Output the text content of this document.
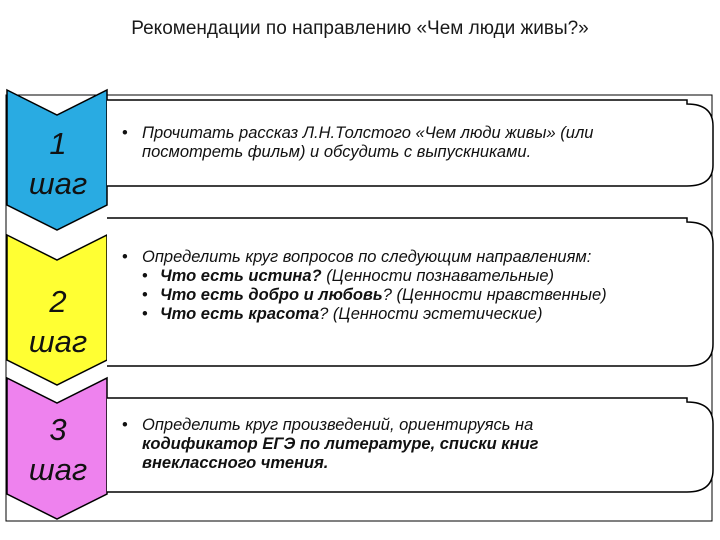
Рекомендации по направлению «Чем люди живы?»
1
шаг
2
шаг
3
шаг
• Прочитать рассказ Л.Н.Толстого «Чем люди живы» (или
посмотреть фильм) и обсудить с выпускниками.
• Определить круг вопросов по следующим направлениям:
• Что есть истина? (Ценности познавательные)
• Что есть добро и любовь? (Ценности нравственные)
• Что есть красота? (Ценности эстетические)
• Определить круг произведений, ориентируясь на
кодификатор ЕГЭ по литературе, списки книг
внеклассного чтения.
